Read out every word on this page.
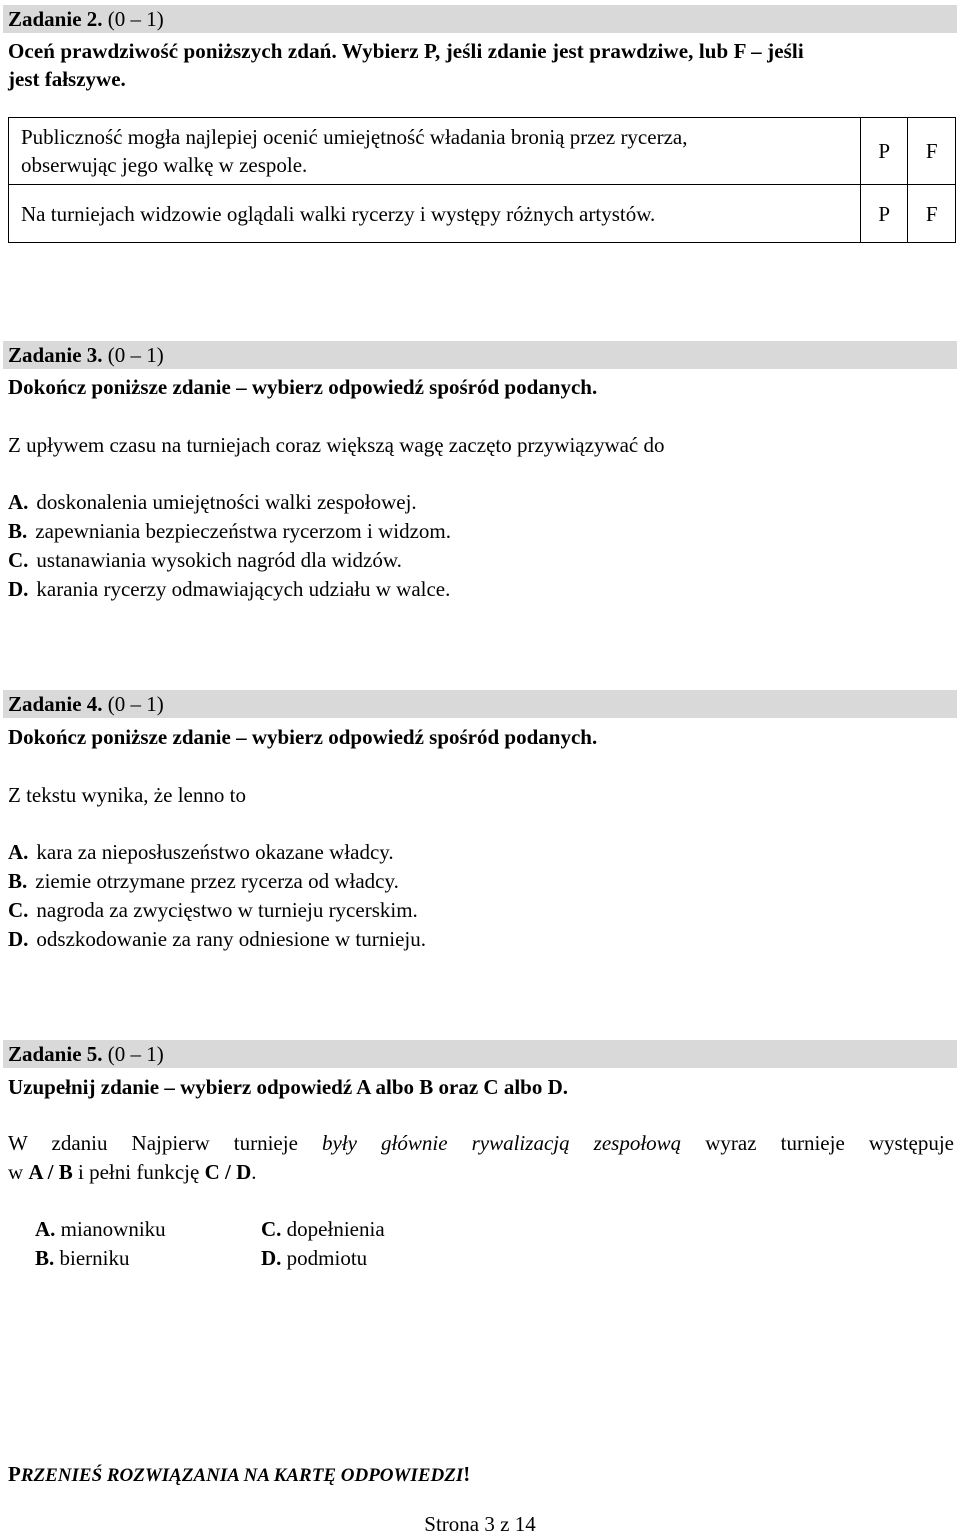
Zadanie 2. (0 – 1)
Oceń prawdziwość poniższych zdań. Wybierz P, jeśli zdanie jest prawdziwe, lub F – jeśli
jest fałszywe.
Publiczność mogła najlepiej ocenić umiejętność władania bronią przez rycerza,
obserwując jego walkę w zespole.	P	F

Na turniejach widzowie oglądali walki rycerzy i występy różnych artystów.	P	F
Zadanie 3. (0 – 1)
Dokończ poniższe zdanie – wybierz odpowiedź spośród podanych.
Z upływem czasu na turniejach coraz większą wagę zaczęto przywiązywać do
A. doskonalenia umiejętności walki zespołowej.
B. zapewniania bezpieczeństwa rycerzom i widzom.
C. ustanawiania wysokich nagród dla widzów.
D. karania rycerzy odmawiających udziału w walce.
Zadanie 4. (0 – 1)
Dokończ poniższe zdanie – wybierz odpowiedź spośród podanych.
Z tekstu wynika, że lenno to
A. kara za nieposłuszeństwo okazane władcy.
B. ziemie otrzymane przez rycerza od władcy.
C. nagroda za zwycięstwo w turnieju rycerskim.
D. odszkodowanie za rany odniesione w turnieju.
Zadanie 5. (0 – 1)
Uzupełnij zdanie – wybierz odpowiedź A albo B oraz C albo D.
W zdaniu Najpierw turnieje były głównie rywalizacją zespołową wyraz turnieje występuje
w A / B i pełni funkcję C / D.
A. mianowniku	C. dopełnienia
B. bierniku	D. podmiotu
PRZENIEŚ ROZWIĄZANIA NA KARTĘ ODPOWIEDZI!
Strona 3 z 14
